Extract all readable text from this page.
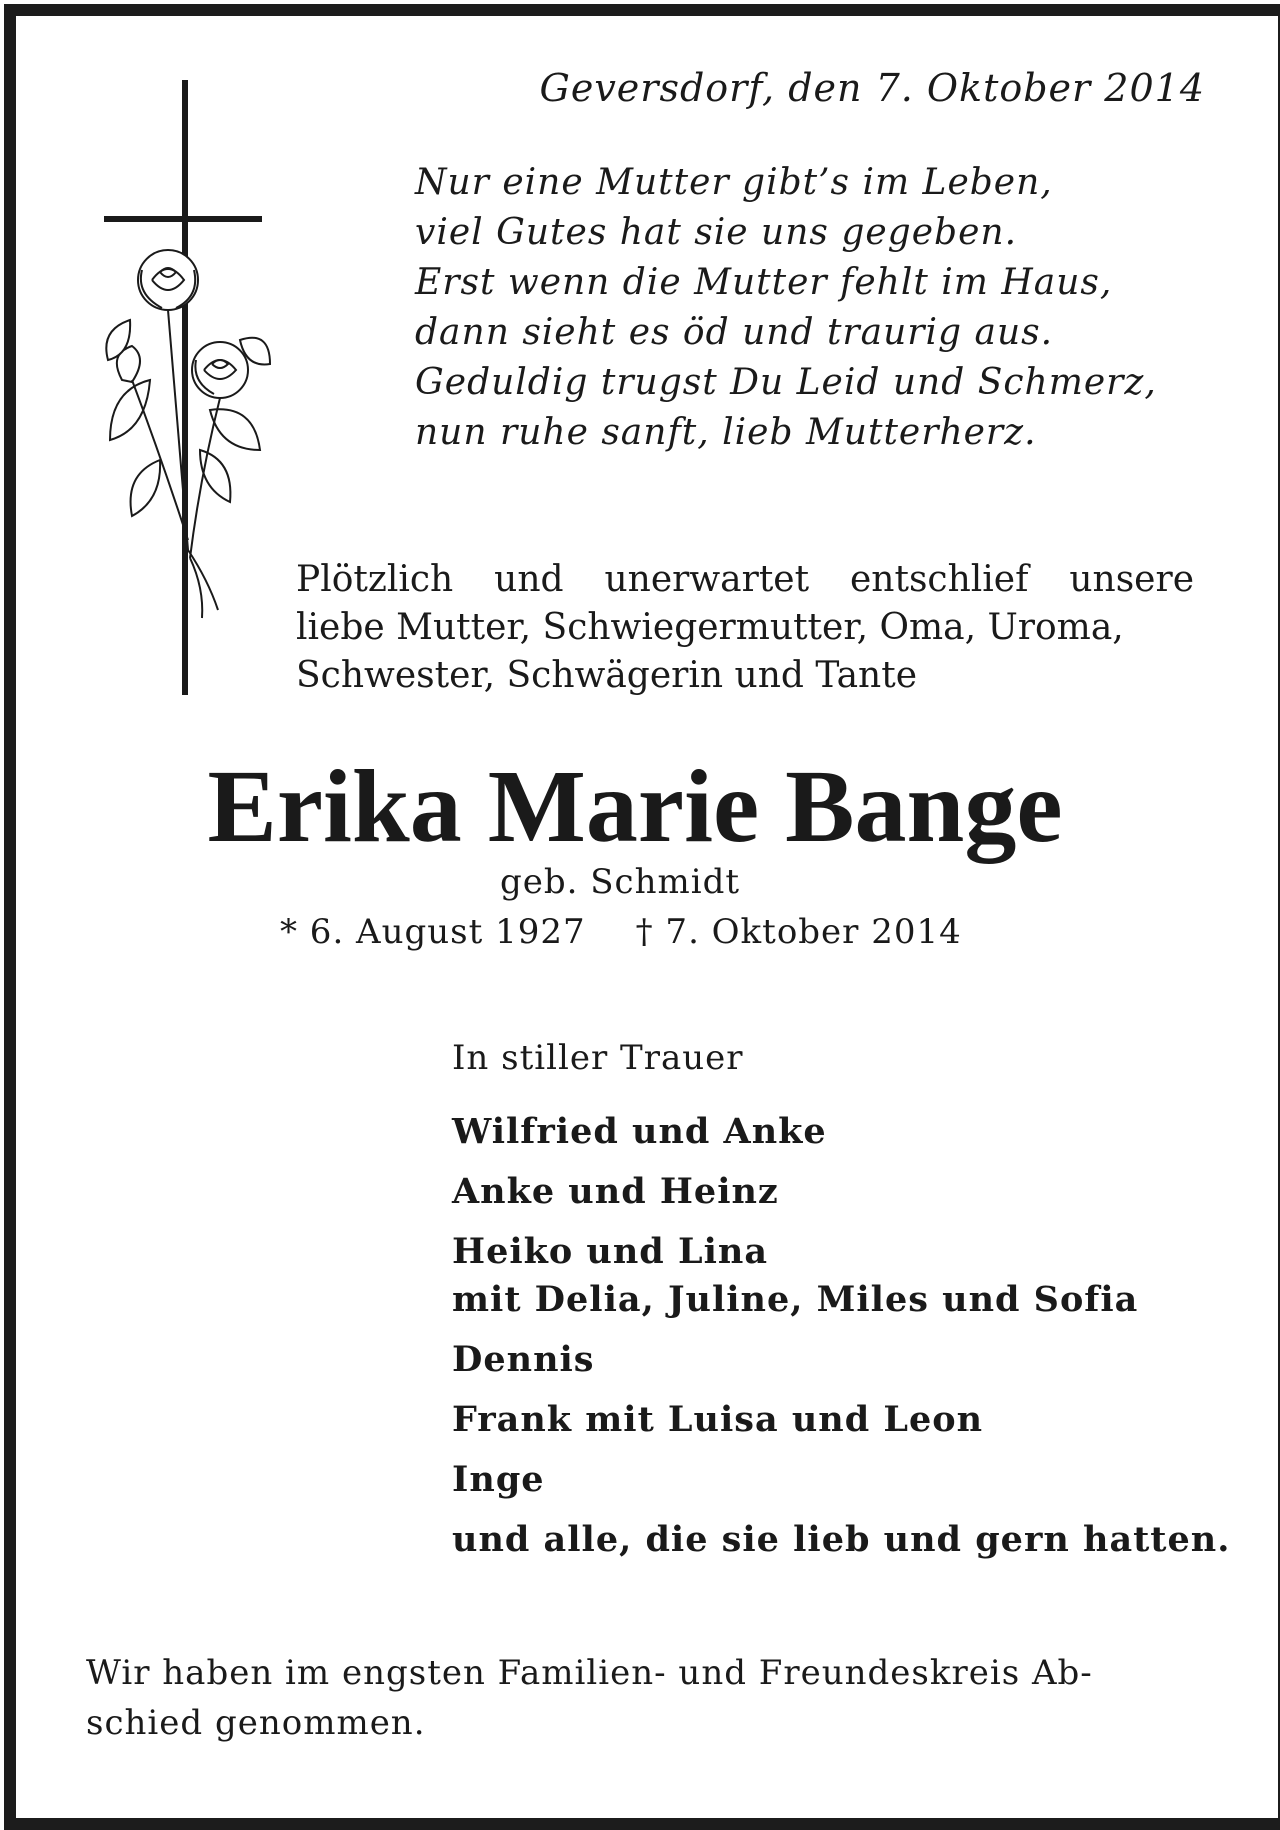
Geversdorf, den 7. Oktober 2014
Nur eine Mutter gibt’s im Leben,
viel Gutes hat sie uns gegeben.
Erst wenn die Mutter fehlt im Haus,
dann sieht es öd und traurig aus.
Geduldig trugst Du Leid und Schmerz,
nun ruhe sanft, lieb Mutterherz.
Plötzlich und unerwartet entschlief unsere
liebe Mutter, Schwiegermutter, Oma, Uroma,
Schwester, Schwägerin und Tante
Erika Marie Bange
geb. Schmidt
* 6. August 1927 † 7. Oktober 2014
In stiller Trauer
Wilfried und Anke
Anke und Heinz
Heiko und Lina
mit Delia, Juline, Miles und Sofia
Dennis
Frank mit Luisa und Leon
Inge
und alle, die sie lieb und gern hatten.
Wir haben im engsten Familien- und Freundeskreis Ab-
schied genommen.
